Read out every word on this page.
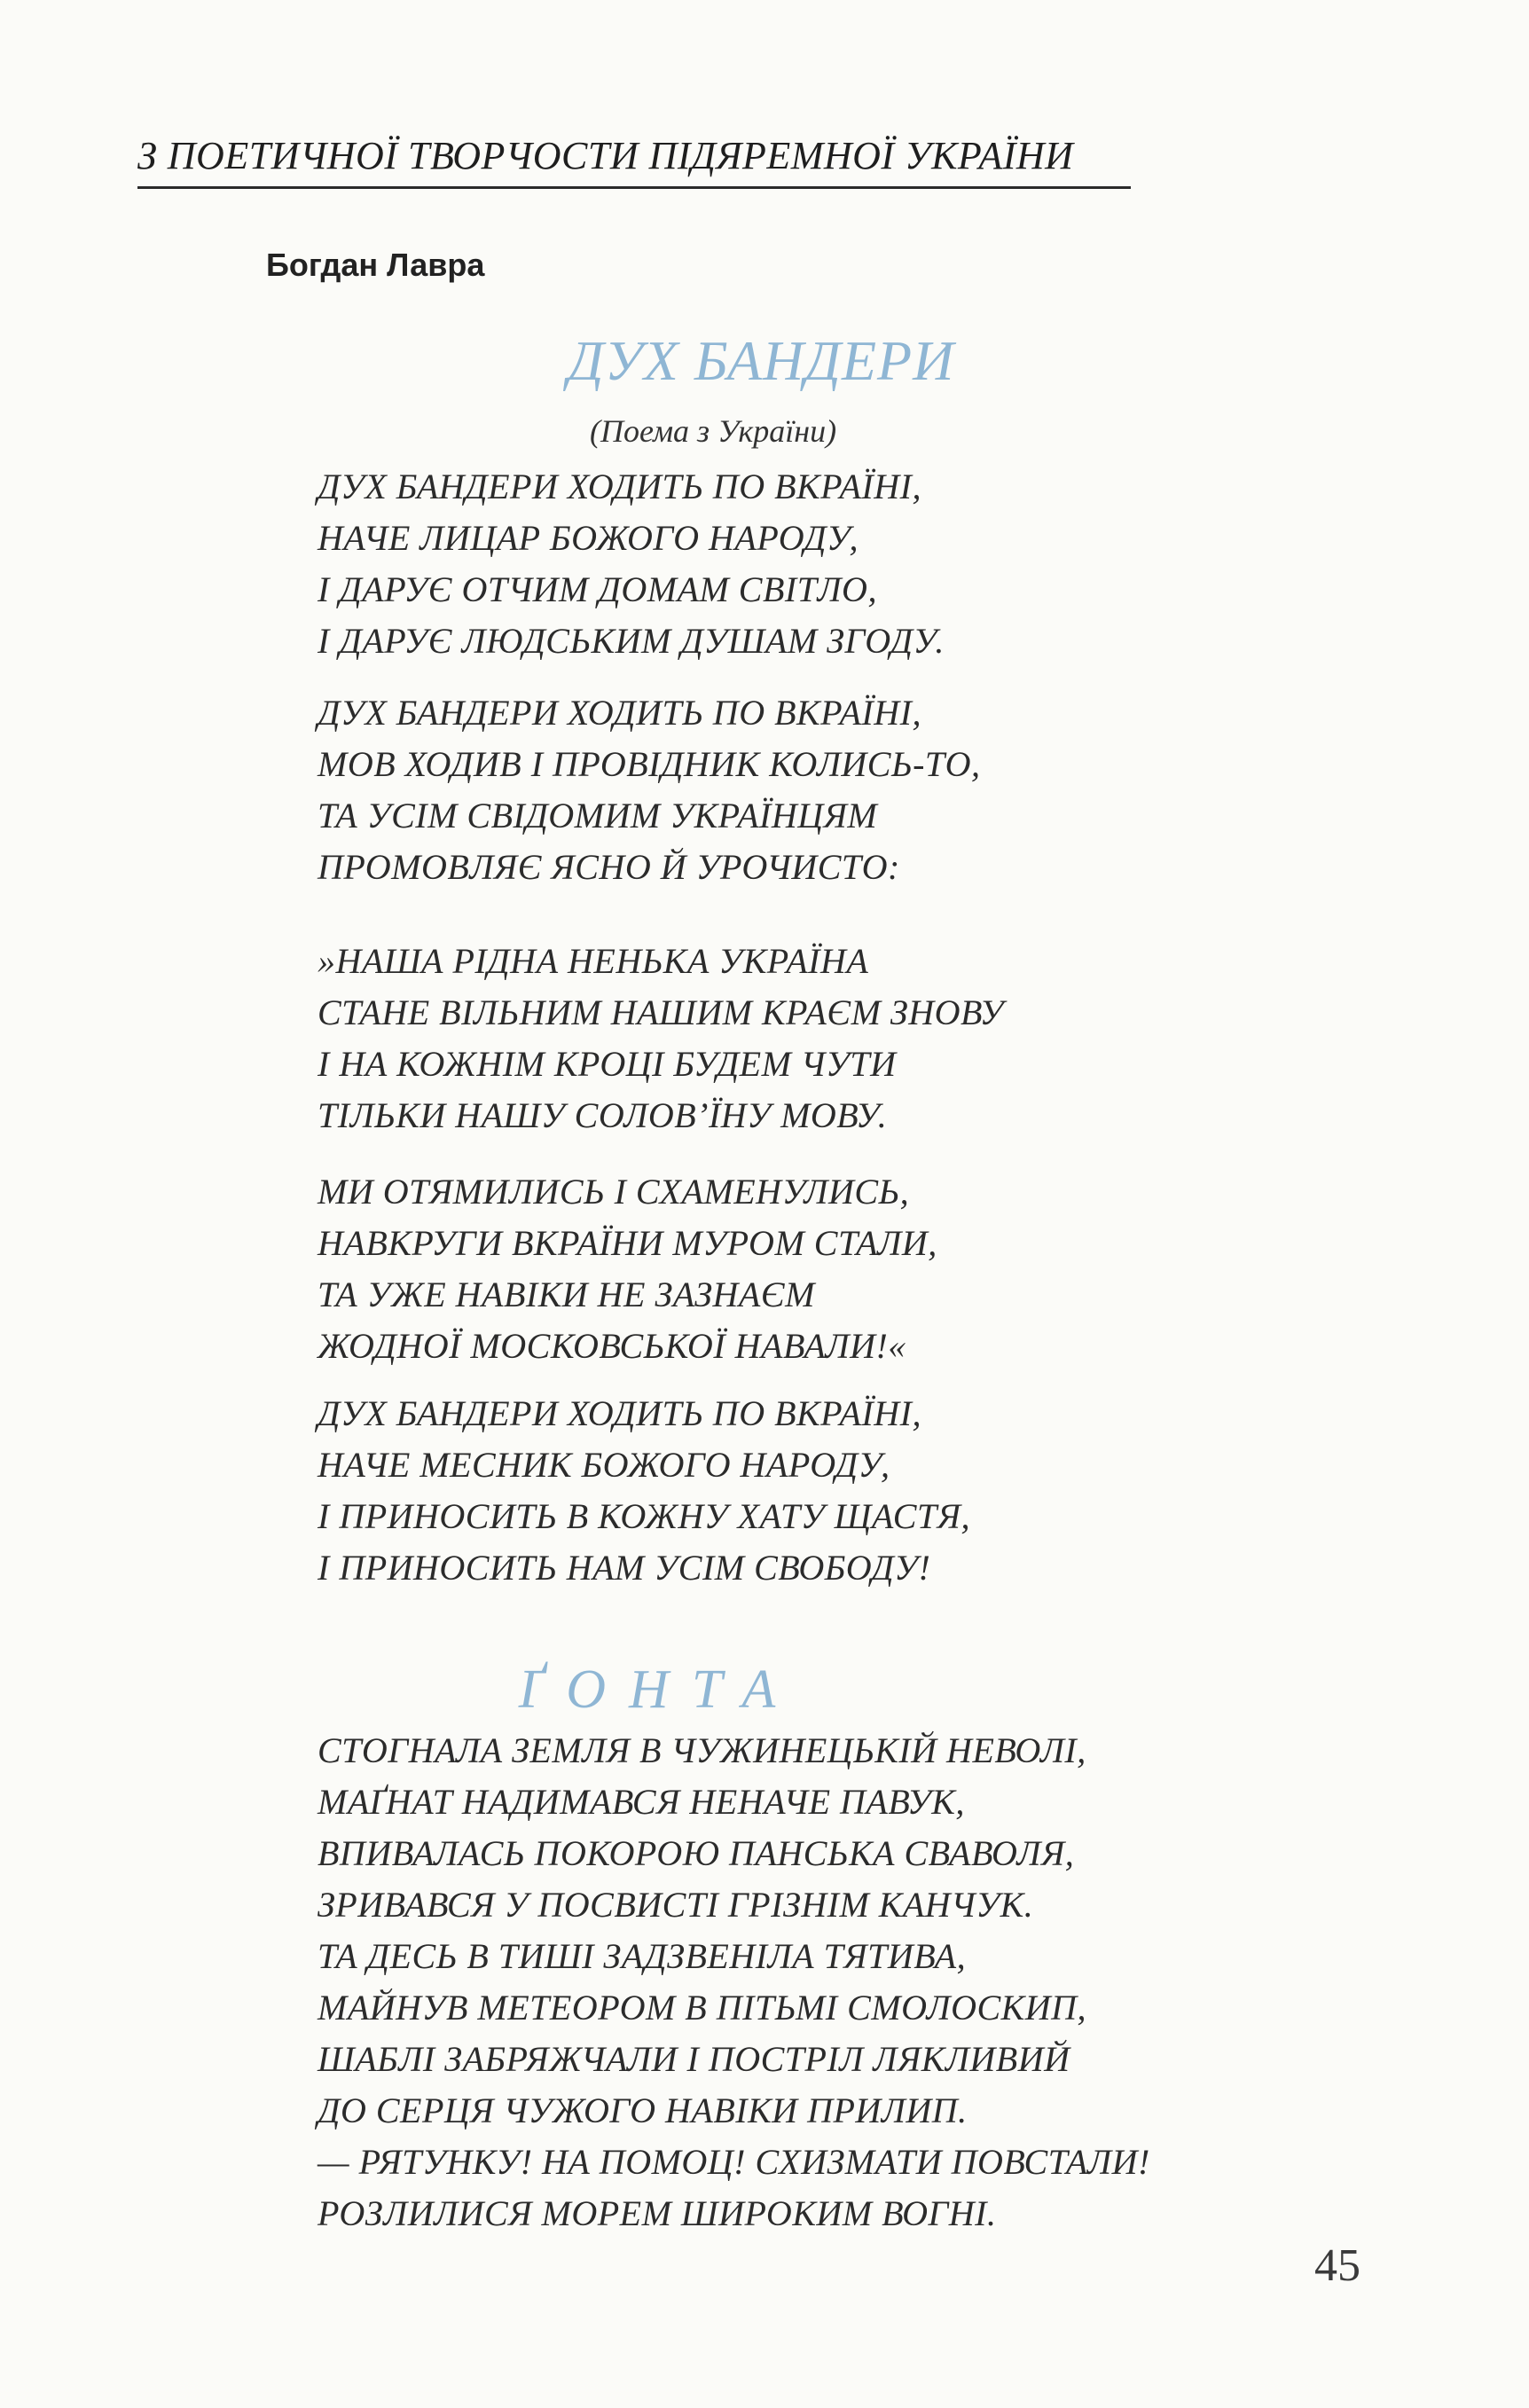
З ПОЕТИЧНОЇ ТВОРЧОСТИ ПІДЯРЕМНОЇ УКРАЇНИ
Богдан Лавра
ДУХ БАНДЕРИ
(Поема з України)
ДУХ БАНДЕРИ ХОДИТЬ ПО ВКРАЇНІ,
НАЧЕ ЛИЦАР БОЖОГО НАРОДУ,
І ДАРУЄ ОТЧИМ ДОМАМ СВІТЛО,
І ДАРУЄ ЛЮДСЬКИМ ДУШАМ ЗГОДУ.
ДУХ БАНДЕРИ ХОДИТЬ ПО ВКРАЇНІ,
МОВ ХОДИВ І ПРОВІДНИК КОЛИСЬ-ТО,
ТА УСІМ СВІДОМИМ УКРАЇНЦЯМ
ПРОМОВЛЯЄ ЯСНО Й УРОЧИСТО:
»НАША РІДНА НЕНЬКА УКРАЇНА
СТАНЕ ВІЛЬНИМ НАШИМ КРАЄМ ЗНОВУ
І НА КОЖНІМ КРОЦІ БУДЕМ ЧУТИ
ТІЛЬКИ НАШУ СОЛОВ’ЇНУ МОВУ.
МИ ОТЯМИЛИСЬ І СХАМЕНУЛИСЬ,
НАВКРУГИ ВКРАЇНИ МУРОМ СТАЛИ,
ТА УЖЕ НАВІКИ НЕ ЗАЗНАЄМ
ЖОДНОЇ МОСКОВСЬКОЇ НАВАЛИ!«
ДУХ БАНДЕРИ ХОДИТЬ ПО ВКРАЇНІ,
НАЧЕ МЕСНИК БОЖОГО НАРОДУ,
І ПРИНОСИТЬ В КОЖНУ ХАТУ ЩАСТЯ,
І ПРИНОСИТЬ НАМ УСІМ СВОБОДУ!
ҐОНТА
СТОГНАЛА ЗЕМЛЯ В ЧУЖИНЕЦЬКІЙ НЕВОЛІ,
МАҐНАТ НАДИМАВСЯ НЕНАЧЕ ПАВУК,
ВПИВАЛАСЬ ПОКОРОЮ ПАНСЬКА СВАВОЛЯ,
ЗРИВАВСЯ У ПОСВИСТІ ГРІЗНІМ КАНЧУК.
ТА ДЕСЬ В ТИШІ ЗАДЗВЕНІЛА ТЯТИВА,
МАЙНУВ МЕТЕОРОМ В ПІТЬМІ СМОЛОСКИП,
ШАБЛІ ЗАБРЯЖЧАЛИ І ПОСТРІЛ ЛЯКЛИВИЙ
ДО СЕРЦЯ ЧУЖОГО НАВІКИ ПРИЛИП.
— РЯТУНКУ! НА ПОМОЦ! СХИЗМАТИ ПОВСТАЛИ!
РОЗЛИЛИСЯ МОРЕМ ШИРОКИМ ВОГНІ.
45
